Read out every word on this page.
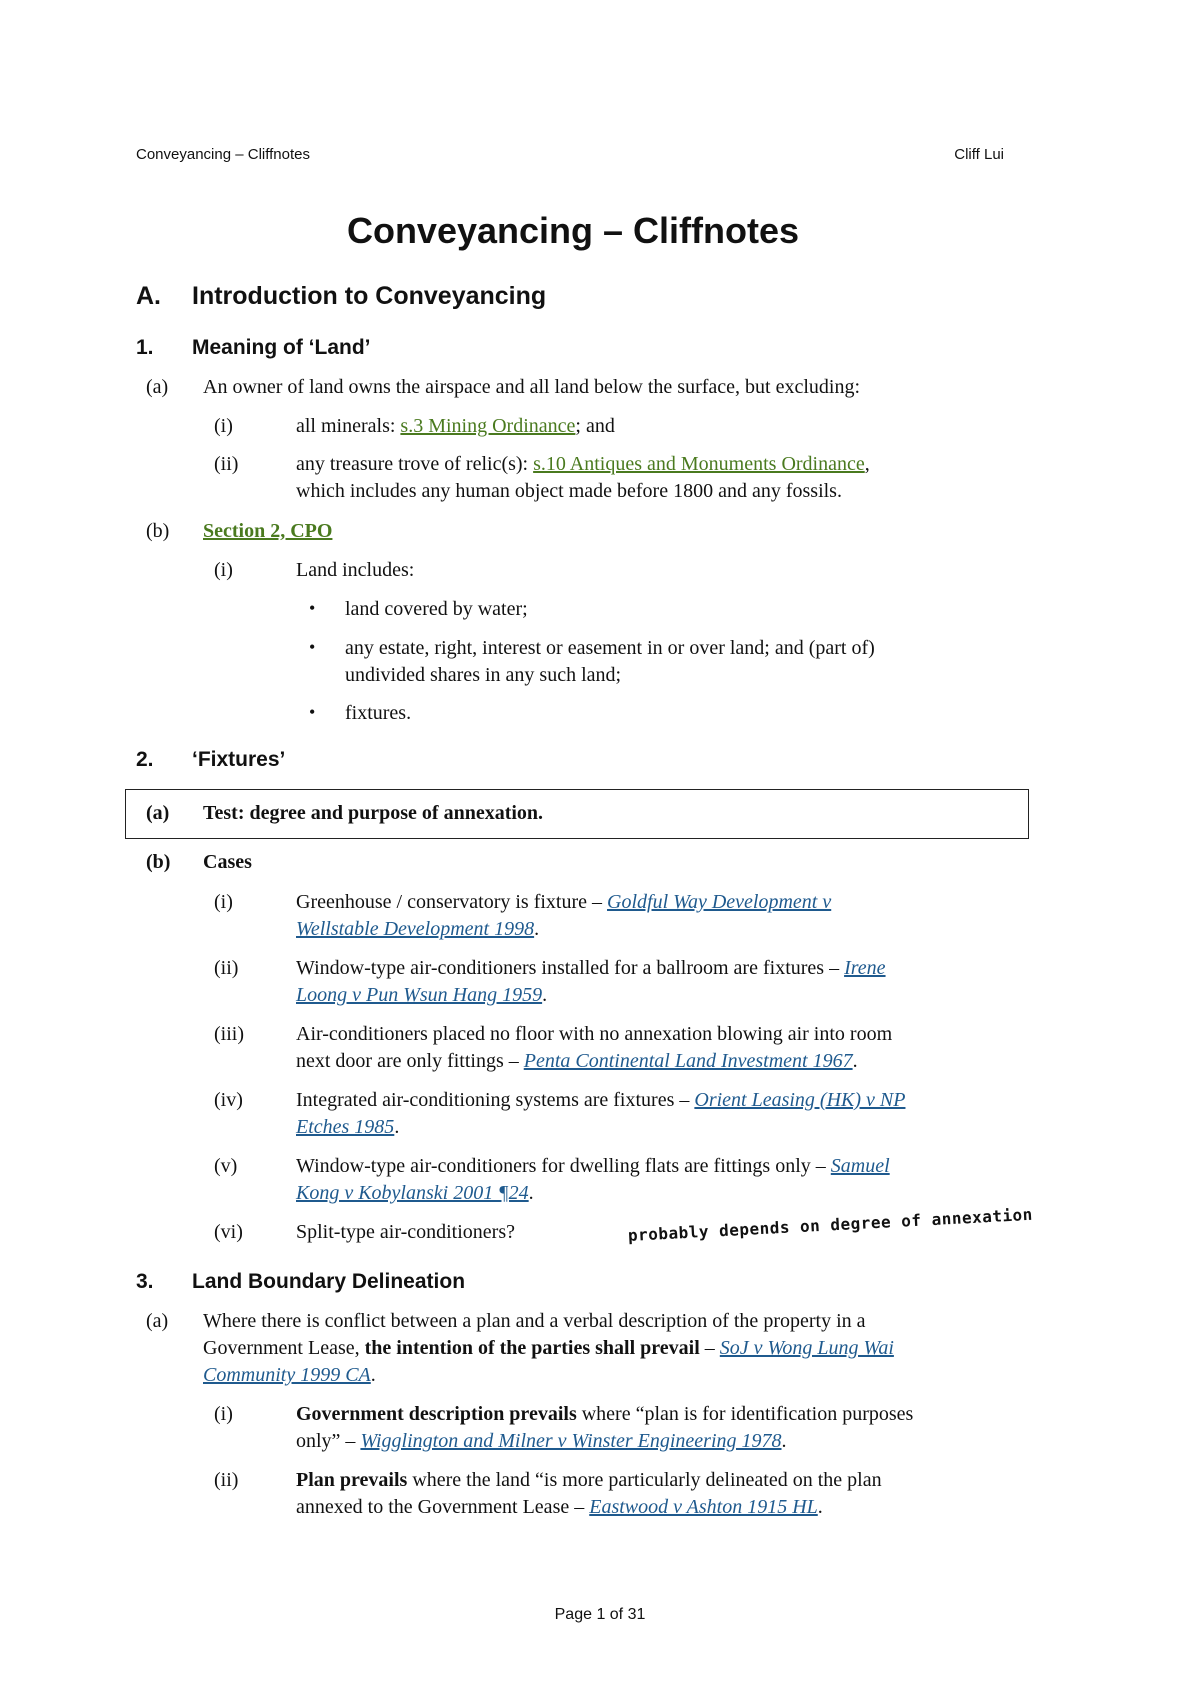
Conveyancing – Cliffnotes	Cliff Lui
Conveyancing – Cliffnotes
A. Introduction to Conveyancing
1. Meaning of ‘Land’
(a) An owner of land owns the airspace and all land below the surface, but excluding:
(i)	all minerals: s.3 Mining Ordinance; and
(ii)	any treasure trove of relic(s): s.10 Antiques and Monuments Ordinance,
which includes any human object made before 1800 and any fossils.
(b) Section 2, CPO
(i)	Land includes:
• land covered by water;
• any estate, right, interest or easement in or over land; and (part of)
undivided shares in any such land;
• fixtures.
2. ‘Fixtures’
(a) Test: degree and purpose of annexation.
(b) Cases
(i)	Greenhouse / conservatory is fixture – Goldful Way Development v
Wellstable Development 1998.
(ii)	Window-type air-conditioners installed for a ballroom are fixtures – Irene
Loong v Pun Wsun Hang 1959.
(iii)	Air-conditioners placed no floor with no annexation blowing air into room
next door are only fittings – Penta Continental Land Investment 1967.
(iv)	Integrated air-conditioning systems are fixtures – Orient Leasing (HK) v NP
Etches 1985.
(v)	Window-type air-conditioners for dwelling flats are fittings only – Samuel
Kong v Kobylanski 2001 ¶24.
(vi)	Split-type air-conditioners?	probably depends on degree of annexation
3. Land Boundary Delineation
(a) Where there is conflict between a plan and a verbal description of the property in a
Government Lease, the intention of the parties shall prevail – SoJ v Wong Lung Wai
Community 1999 CA.
(i)	Government description prevails where “plan is for identification purposes
only” – Wigglington and Milner v Winster Engineering 1978.
(ii)	Plan prevails where the land “is more particularly delineated on the plan
annexed to the Government Lease – Eastwood v Ashton 1915 HL.
Page 1 of 31
